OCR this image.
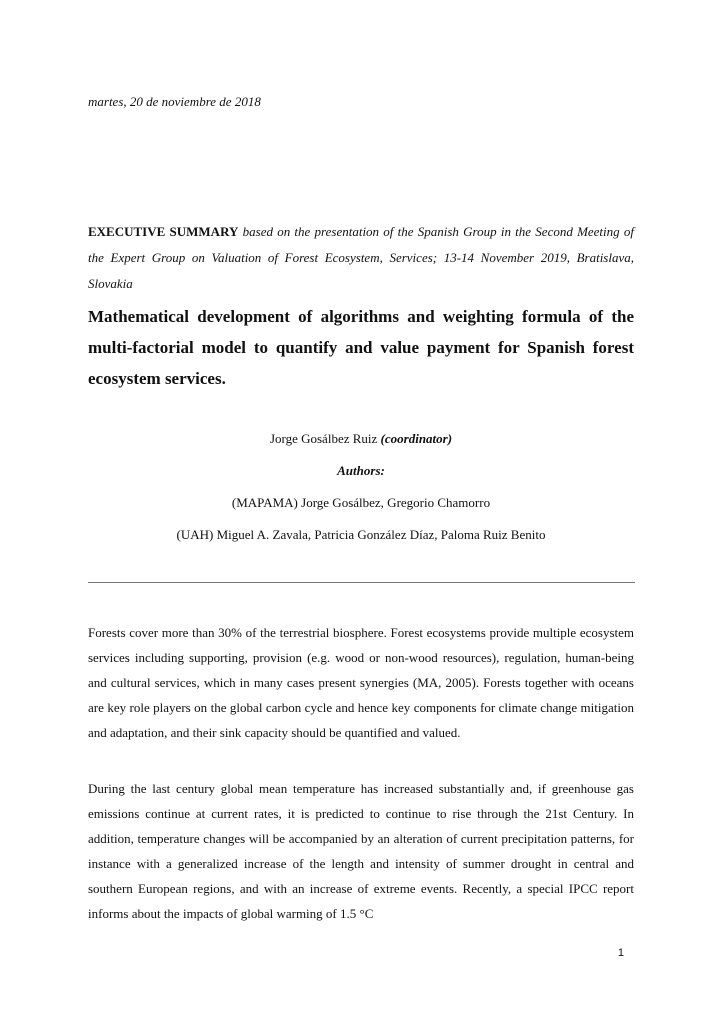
martes, 20 de noviembre de 2018
EXECUTIVE SUMMARY based on the presentation of the Spanish Group in the Second Meeting of the Expert Group on Valuation of Forest Ecosystem, Services; 13-14 November 2019, Bratislava, Slovakia
Mathematical development of algorithms and weighting formula of the multi-factorial model to quantify and value payment for Spanish forest ecosystem services.
Jorge Gosálbez Ruiz (coordinator)
Authors:
(MAPAMA) Jorge Gosálbez, Gregorio Chamorro
(UAH) Miguel A. Zavala, Patricia González Díaz, Paloma Ruiz Benito

Forests cover more than 30% of the terrestrial biosphere. Forest ecosystems provide multiple ecosystem services including supporting, provision (e.g. wood or non-wood resources), regulation, human-being and cultural services, which in many cases present synergies (MA, 2005). Forests together with oceans are key role players on the global carbon cycle and hence key components for climate change mitigation and adaptation, and their sink capacity should be quantified and valued.

During the last century global mean temperature has increased substantially and, if greenhouse gas emissions continue at current rates, it is predicted to continue to rise through the 21st Century. In addition, temperature changes will be accompanied by an alteration of current precipitation patterns, for instance with a generalized increase of the length and intensity of summer drought in central and southern European regions, and with an increase of extreme events. Recently, a special IPCC report informs about the impacts of global warming of 1.5 °C

1
